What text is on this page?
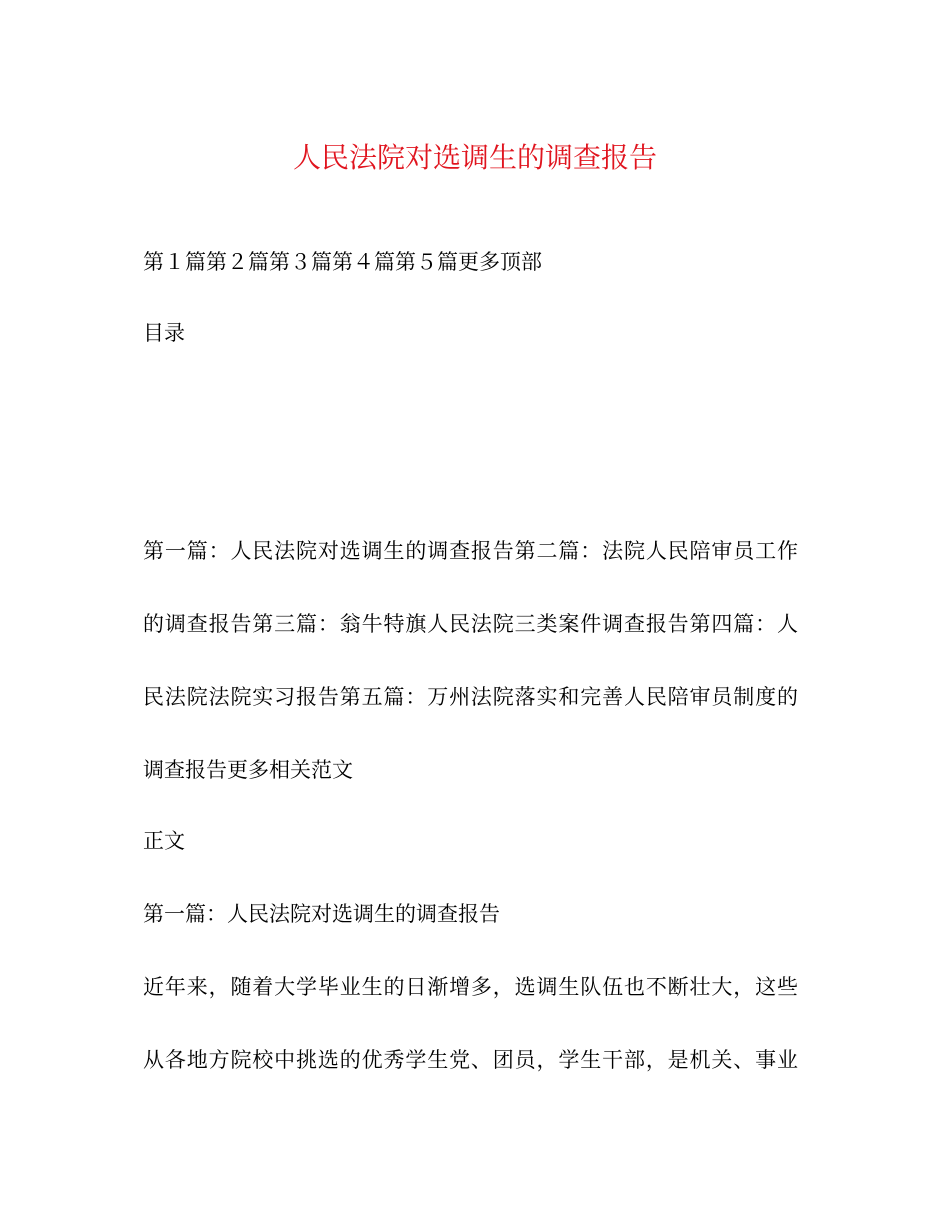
人民法院对选调生的调查报告
第１篇第２篇第３篇第４篇第５篇更多顶部
目录
第一篇：人民法院对选调生的调查报告第二篇：法院人民陪审员工作
的调查报告第三篇：翁牛特旗人民法院三类案件调查报告第四篇：人
民法院法院实习报告第五篇：万州法院落实和完善人民陪审员制度的
调查报告更多相关范文
正文
第一篇：人民法院对选调生的调查报告
近年来，随着大学毕业生的日渐增多，选调生队伍也不断壮大，这些
从各地方院校中挑选的优秀学生党、团员，学生干部，是机关、事业
